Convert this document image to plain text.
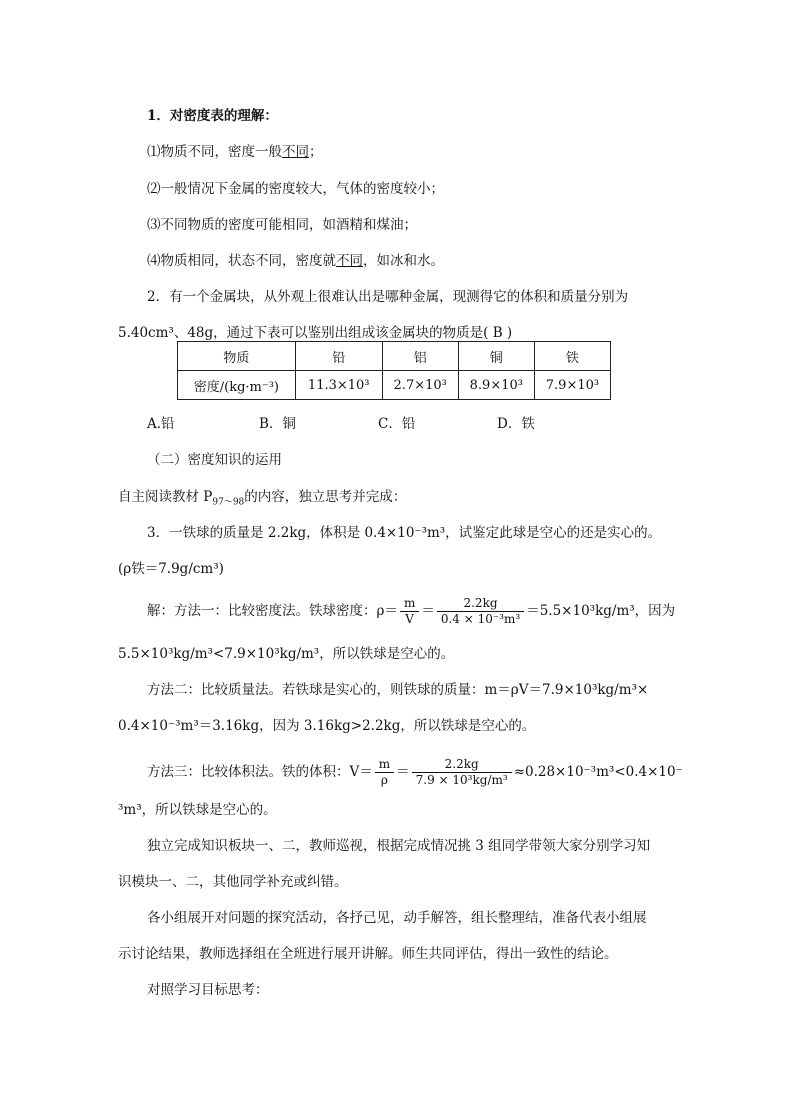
1．对密度表的理解：
⑴物质不同，密度一般不同；
⑵一般情况下金属的密度较大，气体的密度较小；
⑶不同物质的密度可能相同，如酒精和煤油；
⑷物质相同，状态不同，密度就不同，如冰和水。
2．有一个金属块，从外观上很难认出是哪种金属，现测得它的体积和质量分别为
5.40cm³、48g，通过下表可以鉴别出组成该金属块的物质是( B )
物质	铅	铝	铜	铁
密度/(kg·m⁻³)	11.3×10³	2.7×10³	8.9×10³	7.9×10³
A.铅	B．铜	C．铅	D．铁
（二）密度知识的运用
自主阅读教材 $P_{97\sim 98}$的内容，独立思考并完成：
3．一铁球的质量是 2.2kg，体积是 0.4×10⁻³m³，试鉴定此球是空心的还是实心的。
(ρ铁＝7.9g/cm³)
解：方法一：比较密度法。铁球密度：$\rho= \frac{m}{V} = \frac{2.2kg}{\text{0.4 × 10⁻³m³}} =5.5\times 10^3kg/m^3$，因为
5.5×10³kg/m³<7.9×10³kg/m³，所以铁球是空心的。
方法二：比较质量法。若铁球是实心的，则铁球的质量：m＝ρV＝7.9×10³kg/m³×
0.4×10⁻³m³＝3.16kg，因为 3.16kg>2.2kg，所以铁球是空心的。
方法三：比较体积法。铁的体积：$V= \frac{m}{\rho} = \frac{2.2kg}{\text{7.9 × 10³kg/m³}} \approx 0.28\times 10^{-3}m^3<0.4\times 10^-$
³m³，所以铁球是空心的。
独立完成知识板块一、二，教师巡视，根据完成情况挑 3 组同学带领大家分别学习知
识模块一、二，其他同学补充或纠错。
各小组展开对问题的探究活动，各抒己见，动手解答，组长整理结，准备代表小组展
示讨论结果，教师选择组在全班进行展开讲解。师生共同评估，得出一致性的结论。
对照学习目标思考：
